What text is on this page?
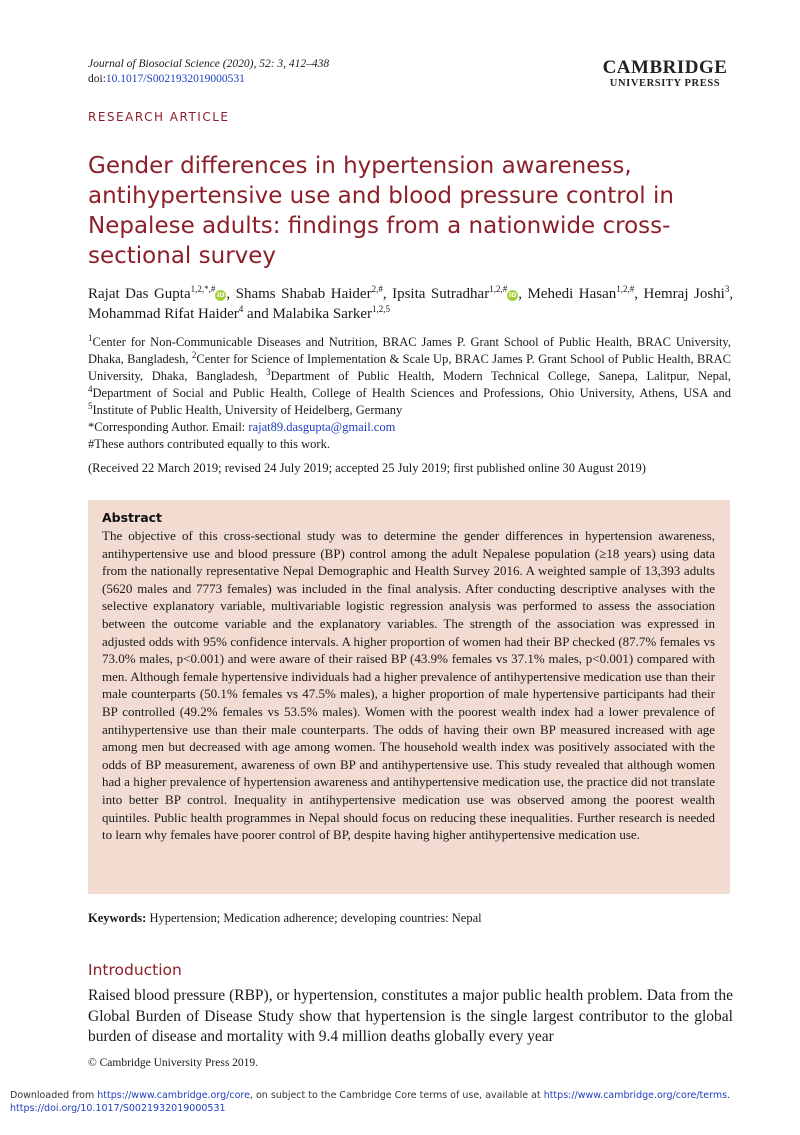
Journal of Biosocial Science (2020), 52: 3, 412–438
doi:10.1017/S0021932019000531
CAMBRIDGE
UNIVERSITY PRESS
RESEARCH ARTICLE
Gender differences in hypertension awareness, antihypertensive use and blood pressure control in Nepalese adults: findings from a nationwide cross-sectional survey
Rajat Das Gupta$^{1,2,*,\#}$iD , Shams Shabab Haider$^{2,\#}$, Ipsita Sutradhar$^{1,2,\#}$iD , Mehedi Hasan$^{1,2,\#}$, Hemraj Joshi$^3$, Mohammad Rifat Haider$^4$ and Malabika Sarker$^{1,2,5}$
$^1$Center for Non-Communicable Diseases and Nutrition, BRAC James P. Grant School of Public Health, BRAC University, Dhaka, Bangladesh, $^2$Center for Science of Implementation & Scale Up, BRAC James P. Grant School of Public Health, BRAC University, Dhaka, Bangladesh, $^3$Department of Public Health, Modern Technical College, Sanepa, Lalitpur, Nepal, $^4$Department of Social and Public Health, College of Health Sciences and Professions, Ohio University, Athens, USA and $^5$Institute of Public Health, University of Heidelberg, Germany
*Corresponding Author. Email: rajat89.dasgupta@gmail.com
#These authors contributed equally to this work.
(Received 22 March 2019; revised 24 July 2019; accepted 25 July 2019; first published online 30 August 2019)
Abstract
The objective of this cross-sectional study was to determine the gender differences in hypertension awareness, antihypertensive use and blood pressure (BP) control among the adult Nepalese population (≥18 years) using data from the nationally representative Nepal Demographic and Health Survey 2016. A weighted sample of 13,393 adults (5620 males and 7773 females) was included in the final analysis. After conducting descriptive analyses with the selective explanatory variable, multivariable logistic regression analysis was performed to assess the association between the outcome variable and the explanatory variables. The strength of the association was expressed in adjusted odds with 95% confidence intervals. A higher proportion of women had their BP checked (87.7% females vs 73.0% males, p<0.001) and were aware of their raised BP (43.9% females vs 37.1% males, p<0.001) compared with men. Although female hypertensive individuals had a higher prevalence of antihypertensive medication use than their male counterparts (50.1% females vs 47.5% males), a higher proportion of male hypertensive participants had their BP controlled (49.2% females vs 53.5% males). Women with the poorest wealth index had a lower prevalence of antihypertensive use than their male counterparts. The odds of having their own BP measured increased with age among men but decreased with age among women. The household wealth index was positively associated with the odds of BP measurement, awareness of own BP and antihypertensive use. This study revealed that although women had a higher prevalence of hypertension awareness and antihypertensive medication use, the practice did not translate into better BP control. Inequality in antihypertensive medication use was observed among the poorest wealth quintiles. Public health programmes in Nepal should focus on reducing these inequalities. Further research is needed to learn why females have poorer control of BP, despite having higher antihypertensive medication use.
Keywords: Hypertension; Medication adherence; developing countries: Nepal
Introduction
Raised blood pressure (RBP), or hypertension, constitutes a major public health problem. Data from the Global Burden of Disease Study show that hypertension is the single largest contributor to the global burden of disease and mortality with 9.4 million deaths globally every year
© Cambridge University Press 2019.
Downloaded from https://www.cambridge.org/core, on subject to the Cambridge Core terms of use, available at https://www.cambridge.org/core/terms.
https://doi.org/10.1017/S0021932019000531
